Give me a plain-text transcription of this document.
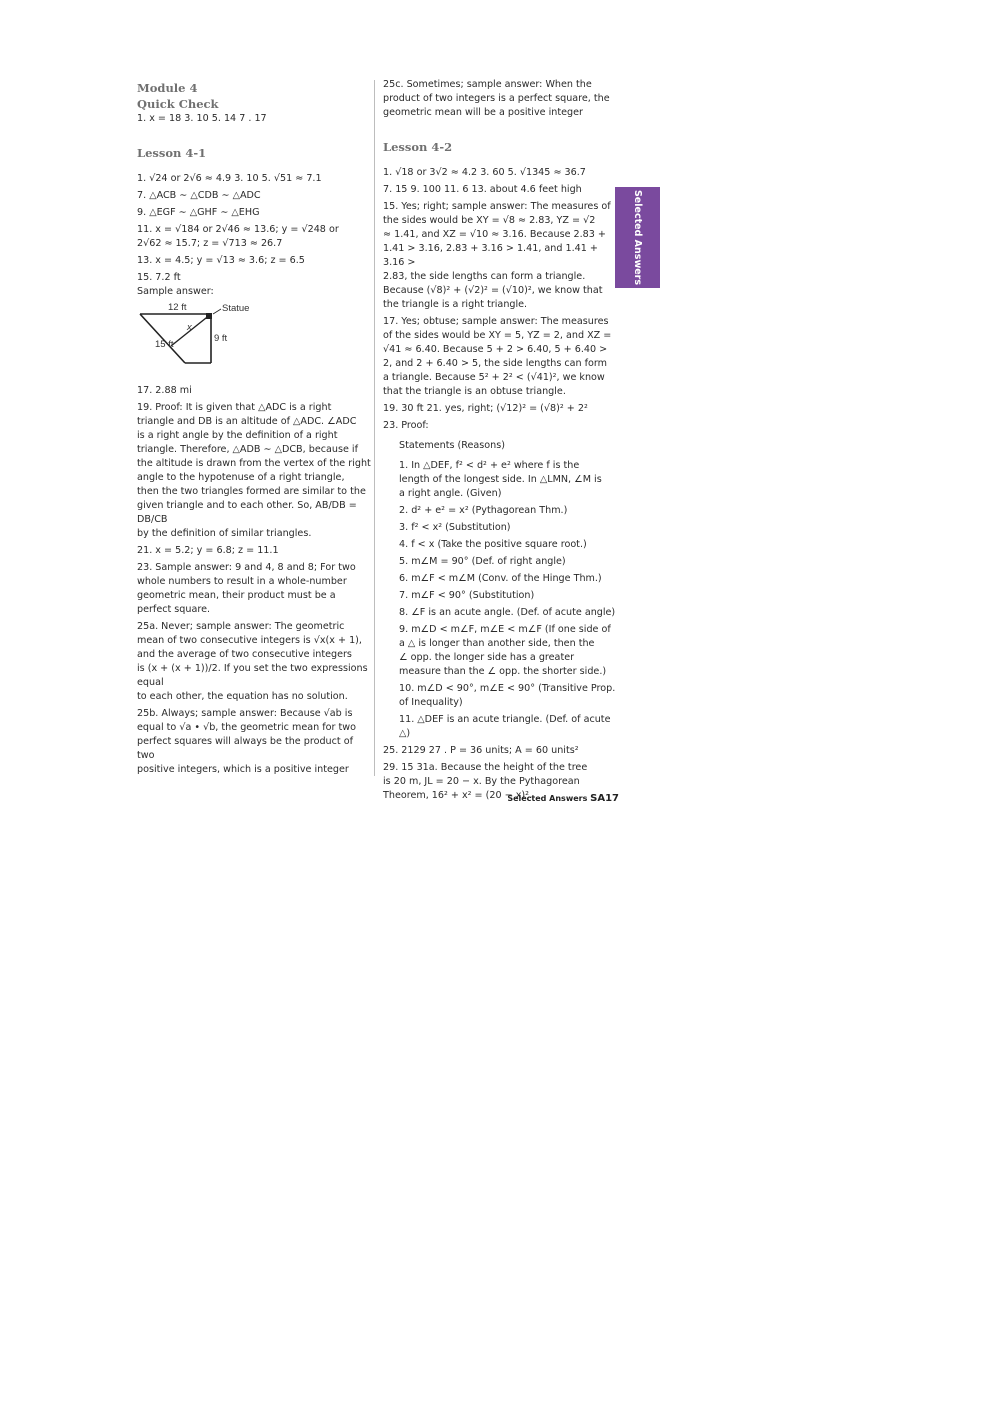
Module 4

Quick Check

1. x = 18 3. 10 5. 14 7 . 17

Lesson 4-1

1. √24 or 2√6 ≈ 4.9 3. 10 5. √51 ≈ 7.1

7. △ACB ∼ △CDB ∼ △ADC

9. △EGF ∼ △GHF ∼ △EHG

11. x = √184 or 2√46 ≈ 13.6; y = √248 or

2√62 ≈ 15.7; z = √713 ≈ 26.7

13. x = 4.5; y = √13 ≈ 3.6; z = 6.5

15. 7.2 ft

Sample answer:

12 ft	Statue
x
9 ft
15 ft

17. 2.88 mi

19. Proof: It is given that △ADC is a right

triangle and DB is an altitude of △ADC. ∠ADC

is a right angle by the definition of a right

triangle. Therefore, △ADB ∼ △DCB, because if

the altitude is drawn from the vertex of the right

angle to the hypotenuse of a right triangle,

then the two triangles formed are similar to the

given triangle and to each other. So, AB/DB = DB/CB

by the definition of similar triangles.

21. x = 5.2; y = 6.8; z = 11.1

23. Sample answer: 9 and 4, 8 and 8; For two

whole numbers to result in a whole-number

geometric mean, their product must be a

perfect square.

25a. Never; sample answer: The geometric

mean of two consecutive integers is √x(x + 1),

and the average of two consecutive integers

is (x + (x + 1))/2. If you set the two expressions equal

to each other, the equation has no solution.

25b. Always; sample answer: Because √ab is

equal to √a • √b, the geometric mean for two

perfect squares will always be the product of two

positive integers, which is a positive integer

25c. Sometimes; sample answer: When the

product of two integers is a perfect square, the

geometric mean will be a positive integer

Lesson 4-2

1. √18 or 3√2 ≈ 4.2 3. 60 5. √1345 ≈ 36.7

7. 15 9. 100 11. 6 13. about 4.6 feet high

15. Yes; right; sample answer: The measures of

the sides would be XY = √8 ≈ 2.83, YZ = √2

≈ 1.41, and XZ = √10 ≈ 3.16. Because 2.83 +

1.41 > 3.16, 2.83 + 3.16 > 1.41, and 1.41 + 3.16 >

2.83, the side lengths can form a triangle.

Because (√8)² + (√2)² = (√10)², we know that

the triangle is a right triangle.

17. Yes; obtuse; sample answer: The measures

of the sides would be XY = 5, YZ = 2, and XZ =

√41 ≈ 6.40. Because 5 + 2 > 6.40, 5 + 6.40 >

2, and 2 + 6.40 > 5, the side lengths can form

a triangle. Because 5² + 2² < (√41)², we know

that the triangle is an obtuse triangle.

19. 30 ft 21. yes, right; (√12)² = (√8)² + 2²

23. Proof:

Statements (Reasons)

1. In △DEF, f² < d² + e² where f is the

length of the longest side. In △LMN, ∠M is

a right angle. (Given)

2. d² + e² = x² (Pythagorean Thm.)

3. f² < x² (Substitution)

4. f < x (Take the positive square root.)

5. m∠M = 90° (Def. of right angle)

6. m∠F < m∠M (Conv. of the Hinge Thm.)

7. m∠F < 90° (Substitution)

8. ∠F is an acute angle. (Def. of acute angle)

9. m∠D < m∠F, m∠E < m∠F (If one side of

a △ is longer than another side, then the

∠ opp. the longer side has a greater

measure than the ∠ opp. the shorter side.)

10. m∠D < 90°, m∠E < 90° (Transitive Prop.

of Inequality)

11. △DEF is an acute triangle. (Def. of acute △)

25. 2129 27 . P = 36 units; A = 60 units²

29. 15 31a. Because the height of the tree

is 20 m, JL = 20 − x. By the Pythagorean

Theorem, 16² + x² = (20 − x)².

Selected Answers
Selected Answers SA17
